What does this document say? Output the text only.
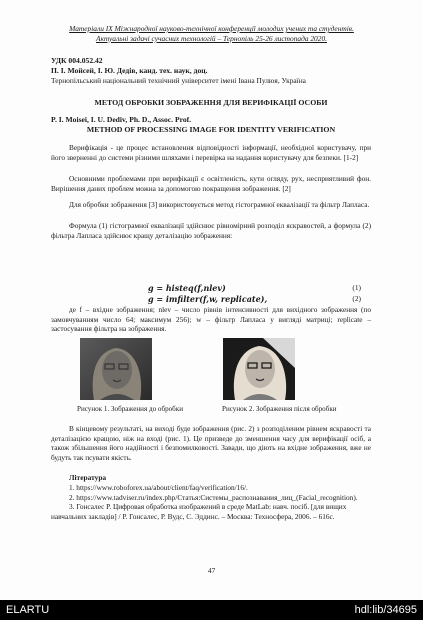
Матеріали IX Міжнародної науково-технічної конференції молодих учених та студентів.
Актуальні задачі сучасних технологій – Тернопіль 25-26 листопада 2020.
УДК 004.052.42
П. І. Мойсей, І. Ю. Дедів, канд. тех. наук, доц.
Тернопільський національний технічний університет імені Івана Пулюя, Україна
МЕТОД ОБРОБКИ ЗОБРАЖЕННЯ ДЛЯ ВЕРИФІКАЦІЇ ОСОБИ
P. I. Moisei, I. U. Dediv, Ph. D., Assoc. Prof.
METHOD OF PROCESSING IMAGE FOR IDENTITY VERIFICATION

Верифікація - це процес встановлення відповідності інформації, необхідної користувачу, при його зверненні до системи різними шляхами і перевірка на надання користувачу для безпеки. [1-2]

Основними проблемами при верифікації є освітленість, кути огляду, рух, несприятливий фон. Вирішення даних проблем можна за допомогою покращення зображення. [2]

Для обробки зображення [3] використовується метод гістограмної еквалізації та фільтр Лапласа.

Формула (1) гістограмної еквалізації здійснює рівномірний розподіл яскравостей, а формула (2) фільтра Лапласа здійснює кращу деталізацію зображення:

g = histeq(f,nlev)	(1)
g = imfilter(f,w, replicate),	(2)

де f – вхідне зображення; nlev – число рівнів інтенсивності для вихідного зображення (по замовчуванням число 64; максимум 256); w – фільтр Лапласа у вигляді матриці; replicate – застосування фільтра на зображення.

Рисунок 1. Зображення до обробки	Рисунок 2. Зображення після обробки

В кінцевому результаті, на виході буде зображення (рис. 2) з розподіленим рівнем яскравості та деталізацією кращою, ніж на вході (рис. 1). Це призведе до зменшення часу для верифікації осіб, а також збільшення його надійності і безпомилковості. Завади, що діють на вхідне зображення, вже не будуть так псувати якість.

Література

1. https://www.roboforex.ua/about/client/faq/verification/16/.

2. https://www.tadviser.ru/index.php/Статья:Системы_распознавания_лиц_(Facial_recognition).

3. Гонсалес Р. Цифровая обработка изображений в среде MatLab: навч. посіб. [для вищих навчальних закладів] / Р. Гонсалес, Р. Вудс, С. Эддинс. – Москва: Техносфера, 2006. – 616с.

47
ELARTU	hdl:lib/34695
